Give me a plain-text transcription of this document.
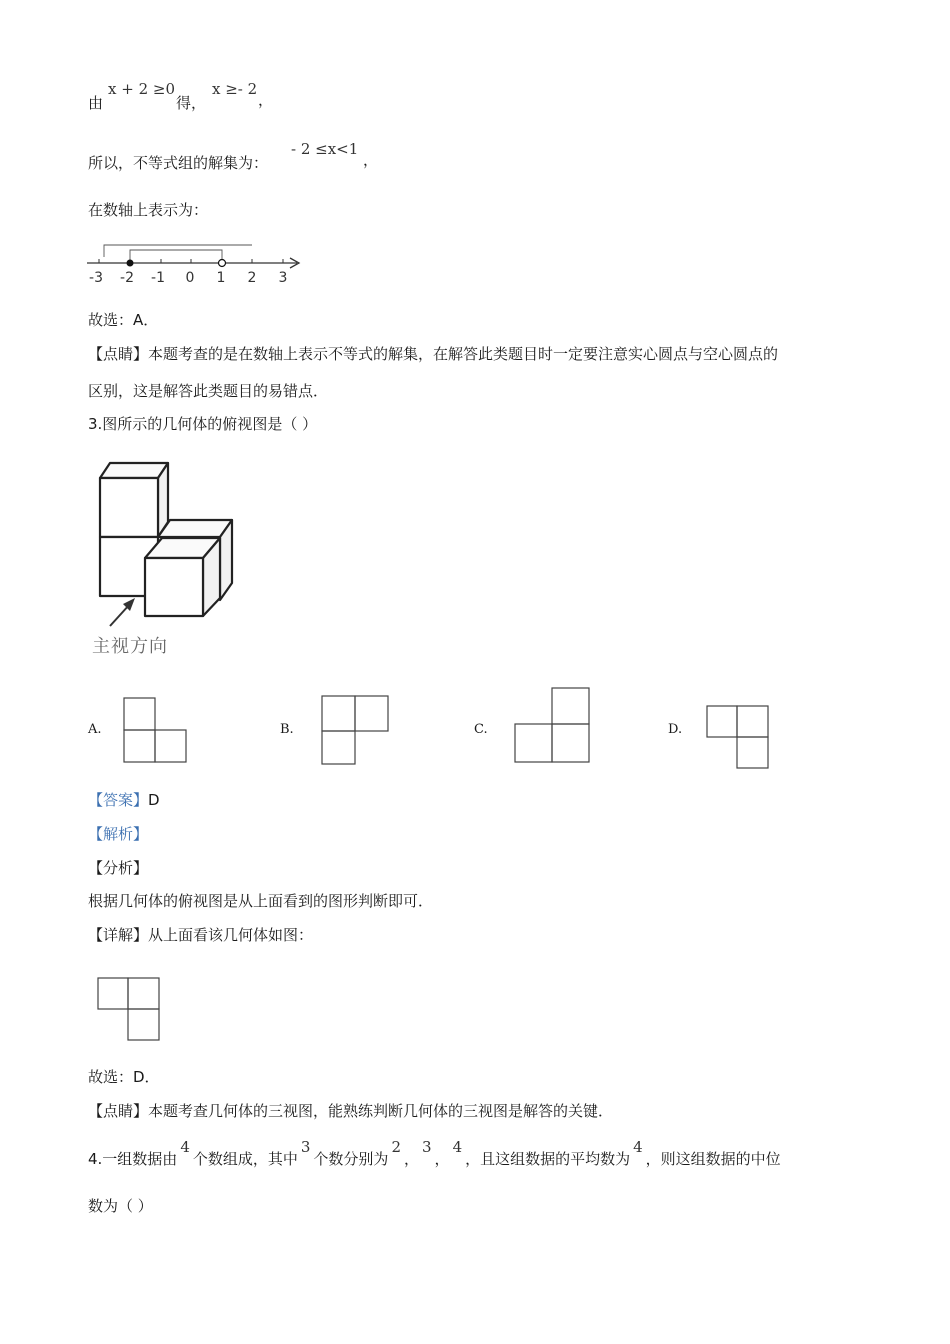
由
x + 2 ≥0
得，
x ≥- 2
，
所以，不等式组的解集为：
- 2 ≤x<1
，
在数轴上表示为：
-3 -2 -1 0 1 2 3
故选：A．
【点睛】本题考查的是在数轴上表示不等式的解集，在解答此类题目时一定要注意实心圆点与空心圆点的
区别，这是解答此类题目的易错点．
3.图所示的几何体的俯视图是（ ）
主视方向
A.	B.	C.	D.
【答案】D
【解析】
【分析】
根据几何体的俯视图是从上面看到的图形判断即可．
【详解】从上面看该几何体如图：
故选：D．
【点睛】本题考查几何体的三视图，能熟练判断几何体的三视图是解答的关键．
4.一组数据由4个数组成，其中3个数分别为2，3，4，且这组数据的平均数为4，则这组数据的中位
数为（ ）
